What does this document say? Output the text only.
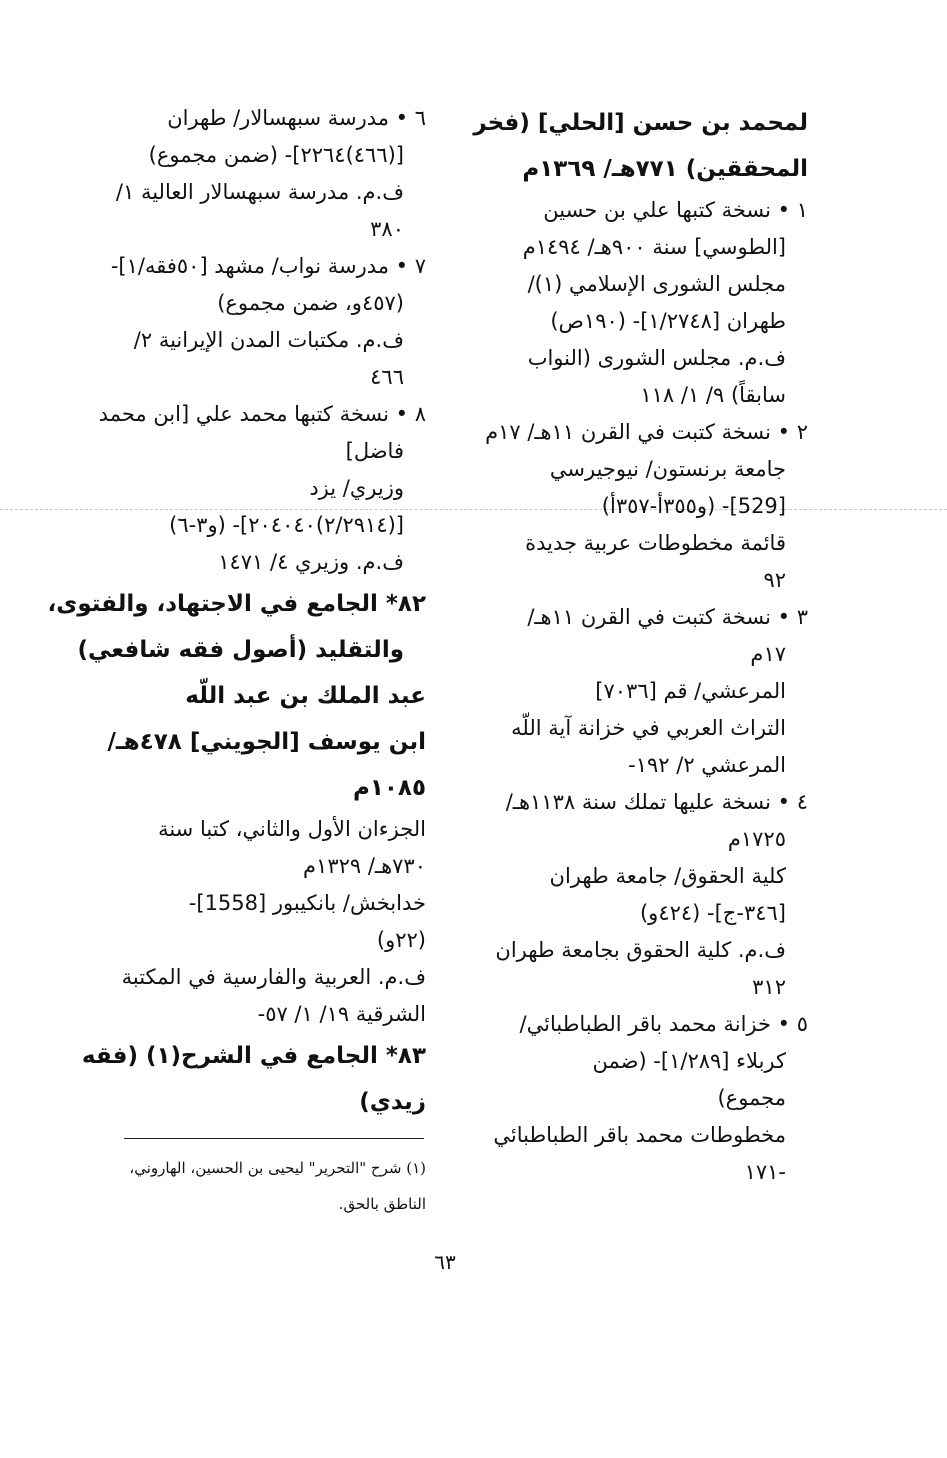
لمحمد بن حسن [الحلي] (فخر
المحققين) ٧٧١هـ/ ١٣٦٩م
١ • نسخة كتبها علي بن حسين
[الطوسي] سنة ٩٠٠هـ/ ١٤٩٤م
مجلس الشورى الإسلامي (١)/
طهران [١/٢٧٤٨]- (١٩٠ص)
ف.م. مجلس الشورى (النواب
سابقاً) ٩/ ١/ ١١٨
٢ • نسخة كتبت في القرن ١١هـ/ ١٧م
جامعة برنستون/ نيوجيرسي
[529]- (و٣٥٥أ-٣٥٧أ)
قائمة مخطوطات عربية جديدة
٩٢
٣ • نسخة كتبت في القرن ١١هـ/
١٧م
المرعشي/ قم [٧٠٣٦]
التراث العربي في خزانة آية اللّه
المرعشي ٢/ ١٩٢-
٤ • نسخة عليها تملك سنة ١١٣٨هـ/
١٧٢٥م
كلية الحقوق/ جامعة طهران
[٣٤٦-ج]- (٤٢٤و)
ف.م. كلية الحقوق بجامعة طهران
٣١٢
٥ • خزانة محمد باقر الطباطبائي/
كربلاء [١/٢٨٩]- (ضمن
مجموع)
مخطوطات محمد باقر الطباطبائي
-١٧١
٦ • مدرسة سبهسالار/ طهران
[(٤٦٦)٢٢٦٤]- (ضمن مجموع)
ف.م. مدرسة سبهسالار العالية ١/
٣٨٠
٧ • مدرسة نواب/ مشهد [٥٠فقه/١]-
(٤٥٧و، ضمن مجموع)
ف.م. مكتبات المدن الإيرانية ٢/
٤٦٦
٨ • نسخة كتبها محمد علي [ابن محمد
فاضل]
وزيري/ يزد
[(٢/٢٩١٤)٢٠٤٠٤٠]- (و٣-٦)
ف.م. وزيري ٤/ ١٤٧١
٨٢* الجامع في الاجتهاد، والفتوى،
والتقليد (أصول فقه شافعي)
عبد الملك بن عبد اللّه
ابن يوسف [الجويني] ٤٧٨هـ/
١٠٨٥م
الجزءان الأول والثاني، كتبا سنة
٧٣٠هـ/ ١٣٢٩م
خدابخش/ بانكيبور [1558]-
(٢٢و)
ف.م. العربية والفارسية في المكتبة
الشرقية ١٩/ ١/ ٥٧-
٨٣* الجامع في الشرح(١) (فقه
زيدي)
(١) شرح "التحرير" ليحيى بن الحسين، الهاروني،
الناطق بالحق.
٦٣
